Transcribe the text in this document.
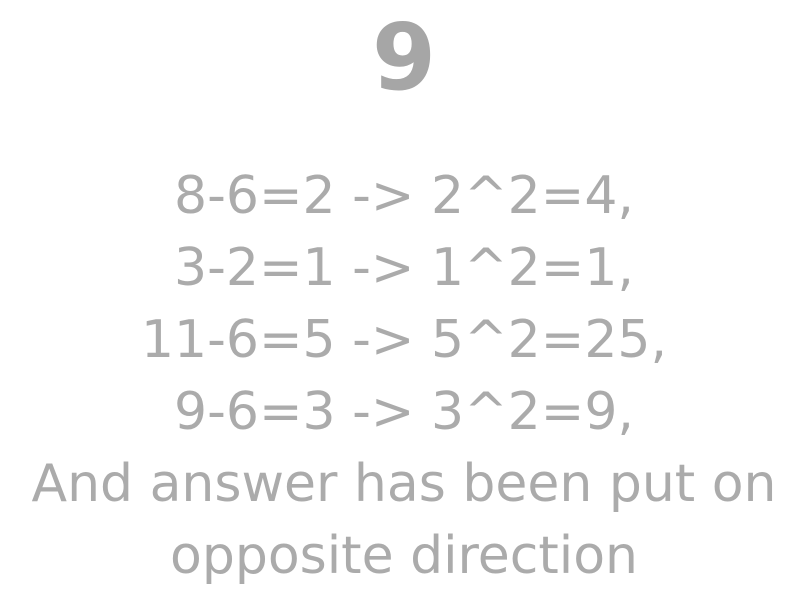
9
8-6=2 -> 2^2=4,
3-2=1 -> 1^2=1,
11-6=5 -> 5^2=25,
9-6=3 -> 3^2=9,
And answer has been put on
opposite direction
